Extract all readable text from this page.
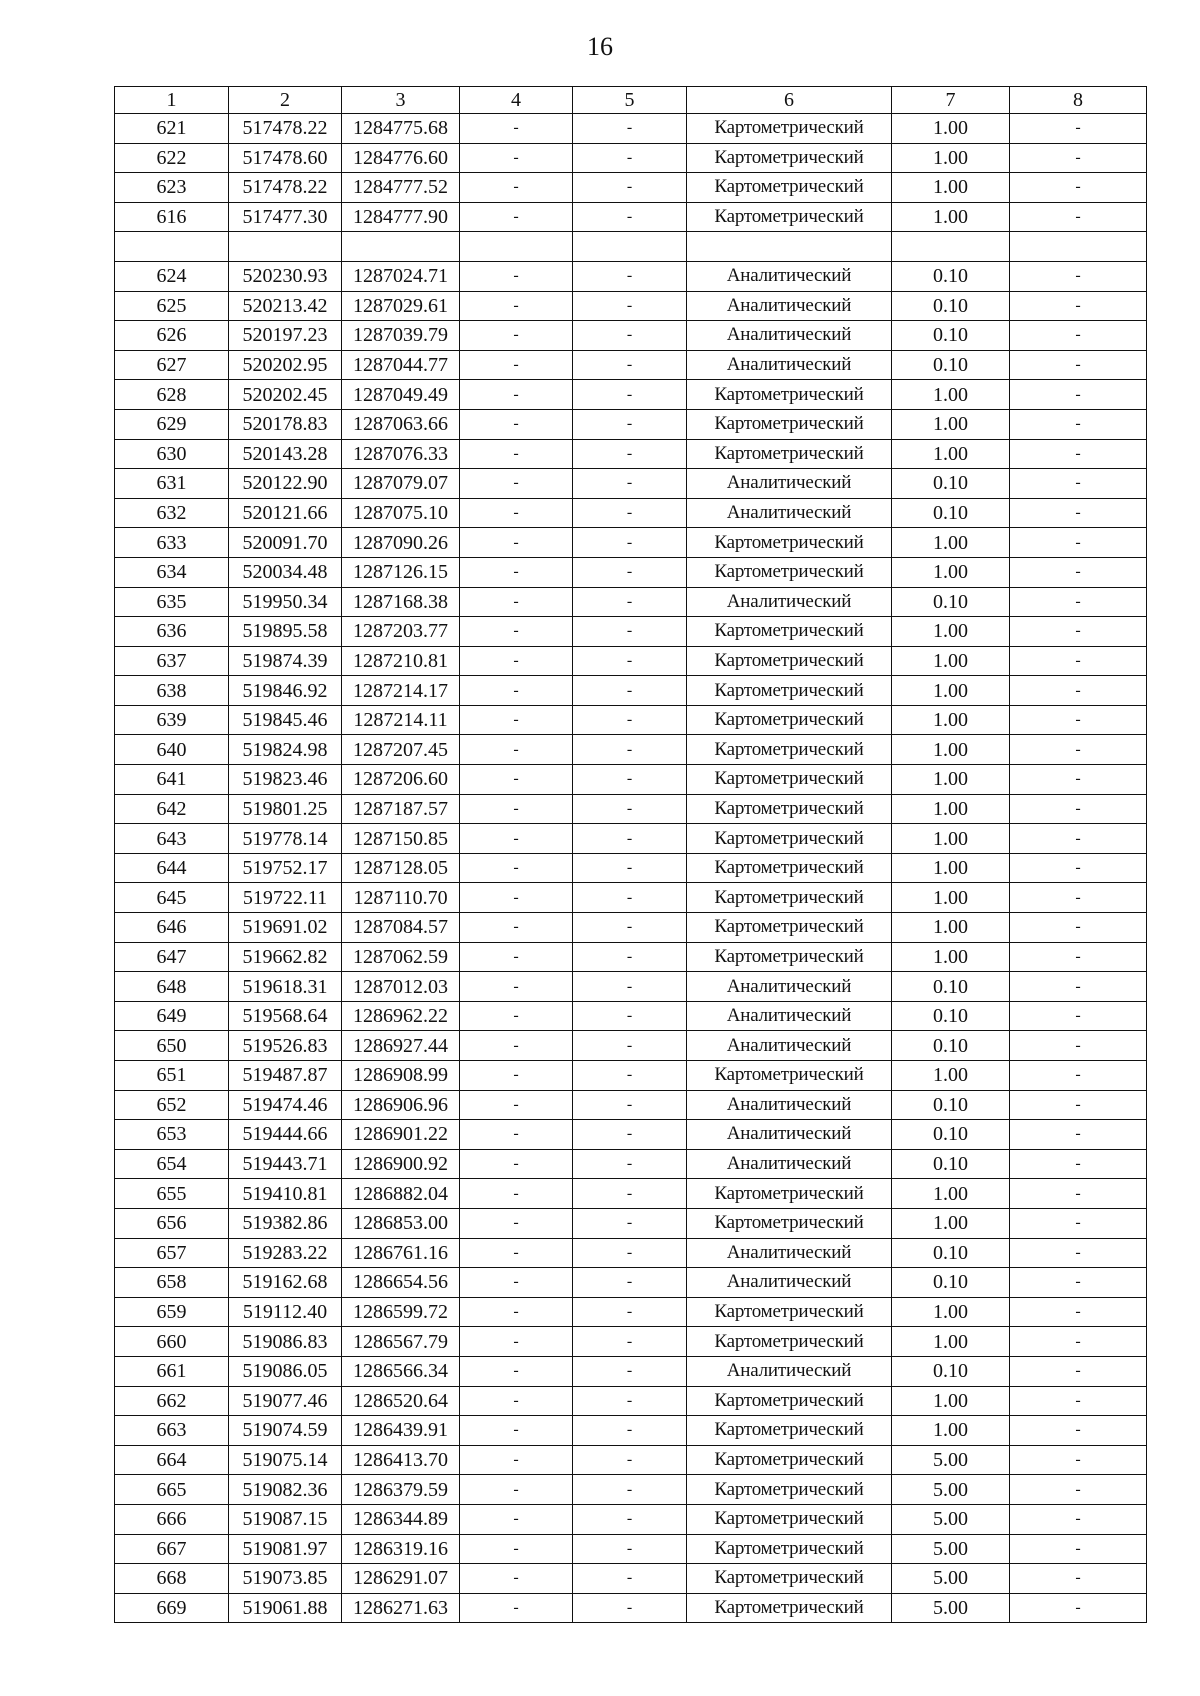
16
1	2	3	4	5	6	7	8
621	517478.22	1284775.68	-	-	Картометрический	1.00	-
622	517478.60	1284776.60	-	-	Картометрический	1.00	-
623	517478.22	1284777.52	-	-	Картометрический	1.00	-
616	517477.30	1284777.90	-	-	Картометрический	1.00	-

624	520230.93	1287024.71	-	-	Аналитический	0.10	-
625	520213.42	1287029.61	-	-	Аналитический	0.10	-
626	520197.23	1287039.79	-	-	Аналитический	0.10	-
627	520202.95	1287044.77	-	-	Аналитический	0.10	-
628	520202.45	1287049.49	-	-	Картометрический	1.00	-
629	520178.83	1287063.66	-	-	Картометрический	1.00	-
630	520143.28	1287076.33	-	-	Картометрический	1.00	-
631	520122.90	1287079.07	-	-	Аналитический	0.10	-
632	520121.66	1287075.10	-	-	Аналитический	0.10	-
633	520091.70	1287090.26	-	-	Картометрический	1.00	-
634	520034.48	1287126.15	-	-	Картометрический	1.00	-
635	519950.34	1287168.38	-	-	Аналитический	0.10	-
636	519895.58	1287203.77	-	-	Картометрический	1.00	-
637	519874.39	1287210.81	-	-	Картометрический	1.00	-
638	519846.92	1287214.17	-	-	Картометрический	1.00	-
639	519845.46	1287214.11	-	-	Картометрический	1.00	-
640	519824.98	1287207.45	-	-	Картометрический	1.00	-
641	519823.46	1287206.60	-	-	Картометрический	1.00	-
642	519801.25	1287187.57	-	-	Картометрический	1.00	-
643	519778.14	1287150.85	-	-	Картометрический	1.00	-
644	519752.17	1287128.05	-	-	Картометрический	1.00	-
645	519722.11	1287110.70	-	-	Картометрический	1.00	-
646	519691.02	1287084.57	-	-	Картометрический	1.00	-
647	519662.82	1287062.59	-	-	Картометрический	1.00	-
648	519618.31	1287012.03	-	-	Аналитический	0.10	-
649	519568.64	1286962.22	-	-	Аналитический	0.10	-
650	519526.83	1286927.44	-	-	Аналитический	0.10	-
651	519487.87	1286908.99	-	-	Картометрический	1.00	-
652	519474.46	1286906.96	-	-	Аналитический	0.10	-
653	519444.66	1286901.22	-	-	Аналитический	0.10	-
654	519443.71	1286900.92	-	-	Аналитический	0.10	-
655	519410.81	1286882.04	-	-	Картометрический	1.00	-
656	519382.86	1286853.00	-	-	Картометрический	1.00	-
657	519283.22	1286761.16	-	-	Аналитический	0.10	-
658	519162.68	1286654.56	-	-	Аналитический	0.10	-
659	519112.40	1286599.72	-	-	Картометрический	1.00	-
660	519086.83	1286567.79	-	-	Картометрический	1.00	-
661	519086.05	1286566.34	-	-	Аналитический	0.10	-
662	519077.46	1286520.64	-	-	Картометрический	1.00	-
663	519074.59	1286439.91	-	-	Картометрический	1.00	-
664	519075.14	1286413.70	-	-	Картометрический	5.00	-
665	519082.36	1286379.59	-	-	Картометрический	5.00	-
666	519087.15	1286344.89	-	-	Картометрический	5.00	-
667	519081.97	1286319.16	-	-	Картометрический	5.00	-
668	519073.85	1286291.07	-	-	Картометрический	5.00	-
669	519061.88	1286271.63	-	-	Картометрический	5.00	-
